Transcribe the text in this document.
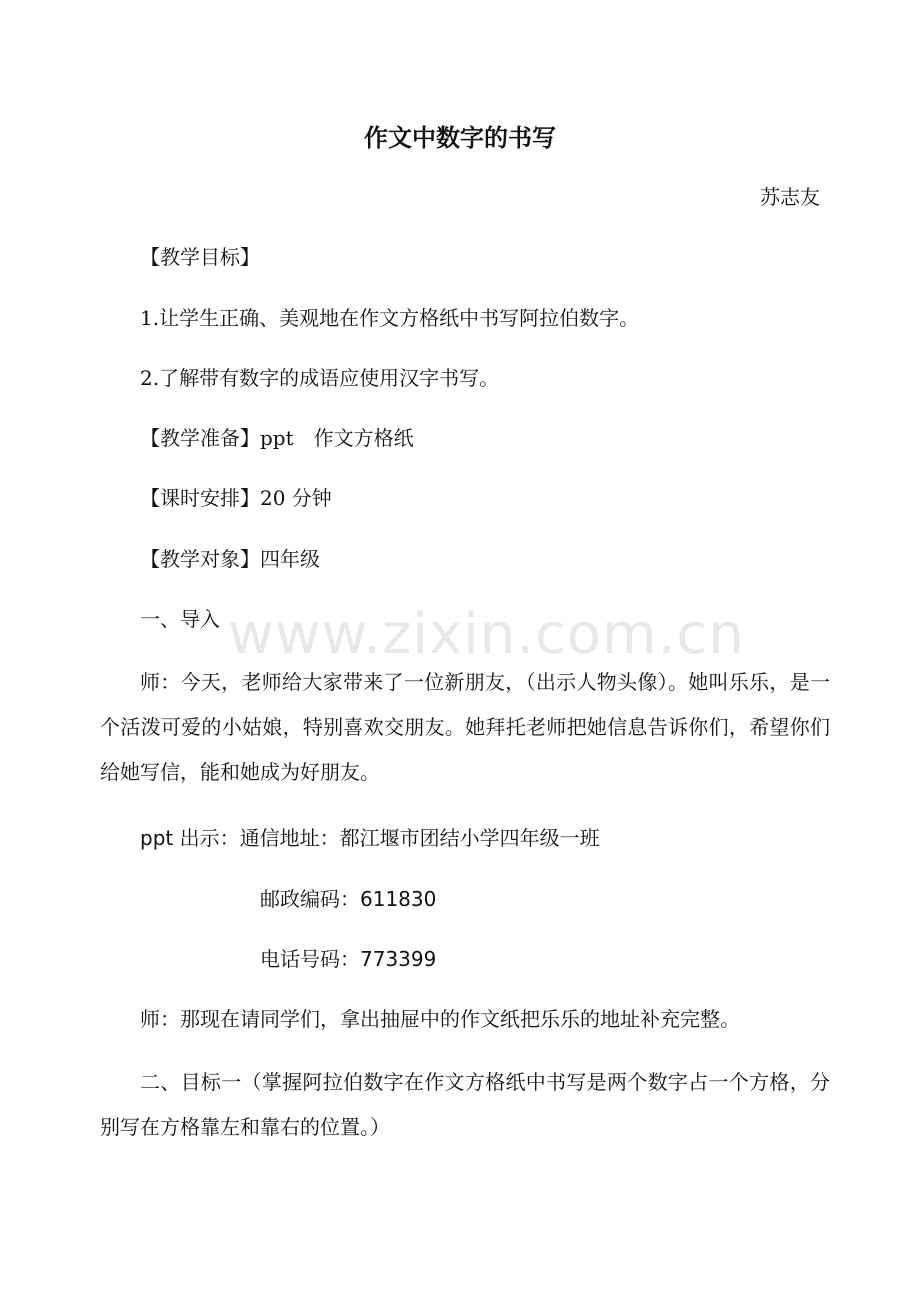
作文中数字的书写
苏志友
【教学目标】
1.让学生正确、美观地在作文方格纸中书写阿拉伯数字。
2.了解带有数字的成语应使用汉字书写。
【教学准备】ppt　作文方格纸
【课时安排】20 分钟
【教学对象】四年级
一、导入 www.zixin.com.cn
师：今天，老师给大家带来了一位新朋友，（出示人物头像）。她叫乐乐，是一个活泼可爱的小姑娘，特别喜欢交朋友。她拜托老师把她信息告诉你们，希望你们给她写信，能和她成为好朋友。
ppt 出示：通信地址：都江堰市团结小学四年级一班
邮政编码：611830
电话号码：773399
师：那现在请同学们，拿出抽屉中的作文纸把乐乐的地址补充完整。
二、目标一（掌握阿拉伯数字在作文方格纸中书写是两个数字占一个方格，分别写在方格靠左和靠右的位置。）
